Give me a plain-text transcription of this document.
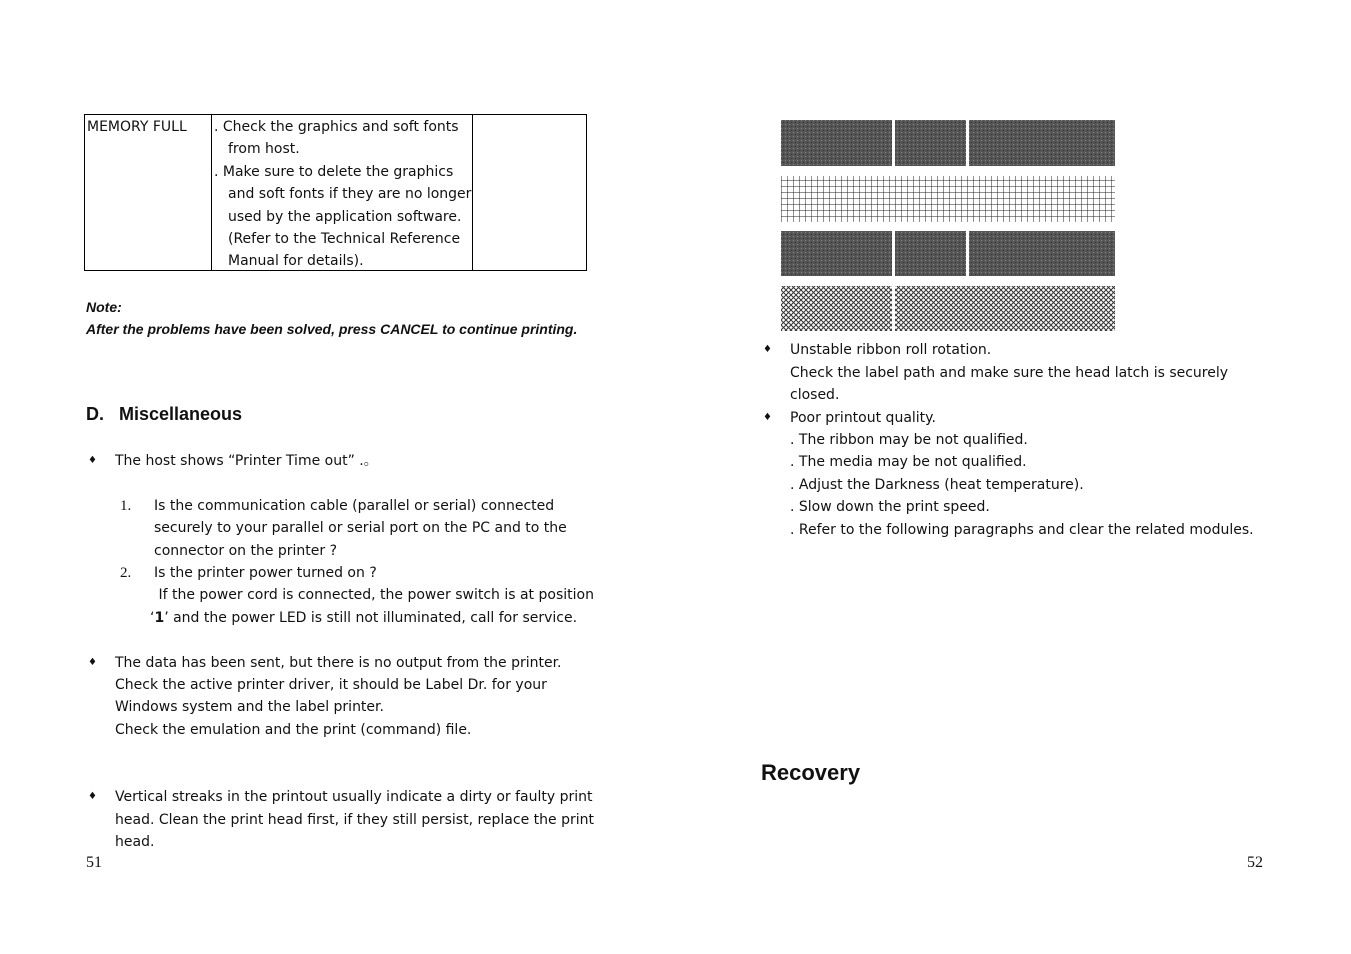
MEMORY FULL . Check the graphics and soft fonts
from host.
. Make sure to delete the graphics
and soft fonts if they are no longer
used by the application software.
(Refer to the Technical Reference
Manual for details).
Note:
After the problems have been solved, press CANCEL to continue printing.
D.   Miscellaneous
♦ The host shows “Printer Time out” .。
1. Is the communication cable (parallel or serial) connected
securely to your parallel or serial port on the PC and to the
connector on the printer ?
2. Is the printer power turned on ?
If the power cord is connected, the power switch is at position
‘1’ and the power LED is still not illuminated, call for service.
♦ The data has been sent, but there is no output from the printer.
Check the active printer driver, it should be Label Dr. for your
Windows system and the label printer.
Check the emulation and the print (command) file.
♦ Vertical streaks in the printout usually indicate a dirty or faulty print
head. Clean the print head first, if they still persist, replace the print
head.
51
♦ Unstable ribbon roll rotation.
Check the label path and make sure the head latch is securely
closed.
♦ Poor printout quality.
. The ribbon may be not qualified.
. The media may be not qualified.
. Adjust the Darkness (heat temperature).
. Slow down the print speed.
. Refer to the following paragraphs and clear the related modules.
Recovery
52
